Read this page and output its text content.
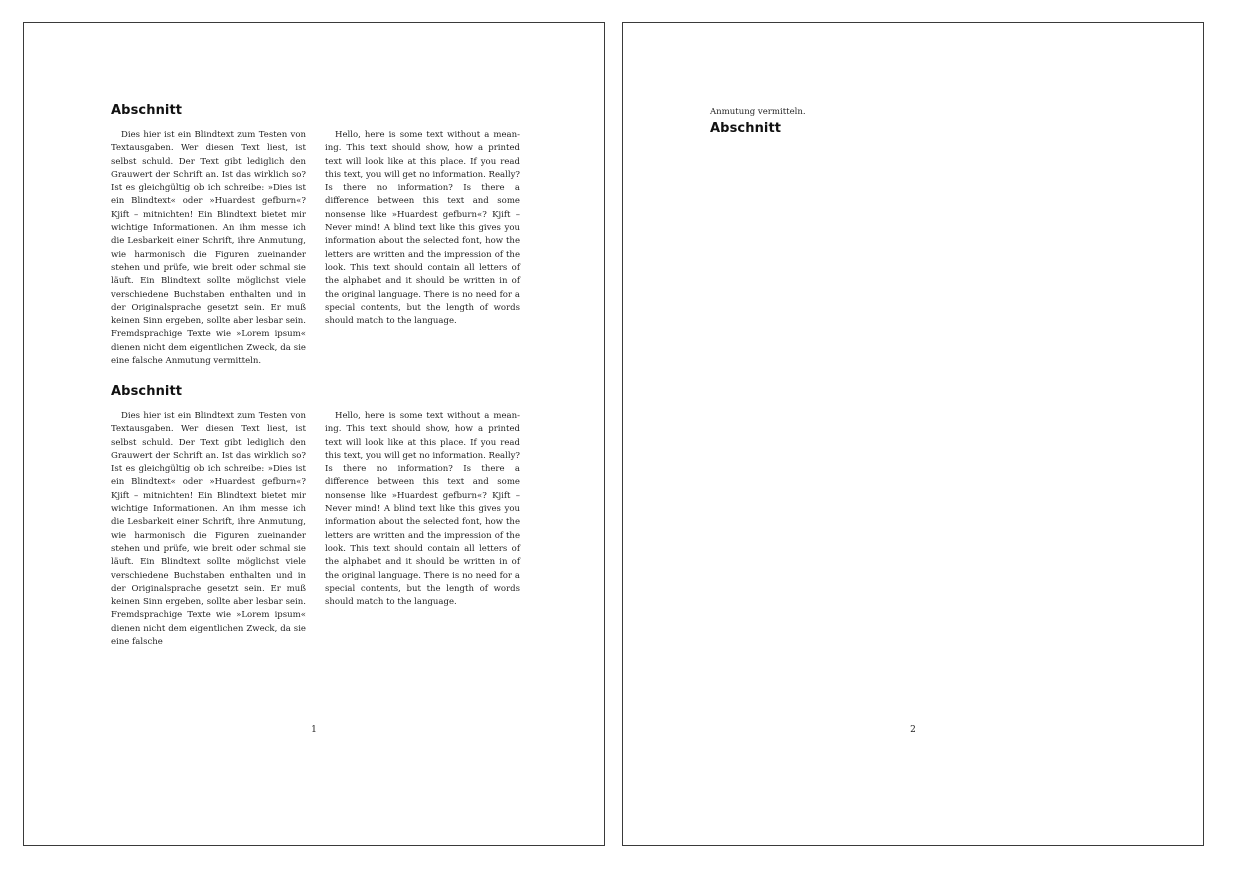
Abschnitt

Dies hier ist ein Blindtext zum Testen von Textausgaben. Wer diesen Text liest, ist selbst schuld. Der Text gibt lediglich den Grauwert der Schrift an. Ist das wirklich so? Ist es gleichgültig ob ich schreibe: »Dies ist ein Blindtext« oder »Huardest gefburn«? Kjift – mitnichten! Ein Blindtext bietet mir wichtige Informationen. An ihm messe ich die Lesbarkeit einer Schrift, ihre Anmutung, wie harmonisch die Figuren zueinander stehen und prüfe, wie breit oder schmal sie läuft. Ein Blindtext sollte möglichst viele verschiedene Buchstaben enthalten und in der Originalsprache gesetzt sein. Er muß keinen Sinn ergeben, sollte aber lesbar sein. Fremdsprachige Texte wie »Lorem ipsum« dienen nicht dem eigentlichen Zweck, da sie eine falsche Anmutung vermitteln.

Hello, here is some text without a meaning. This text should show, how a printed text will look like at this place. If you read this text, you will get no information. Really? Is there no information? Is there a difference between this text and some nonsense like »Huardest gefburn«? Kjift – Never mind! A blind text like this gives you information about the selected font, how the letters are written and the impression of the look. This text should contain all letters of the alphabet and it should be written in of the original language. There is no need for a special contents, but the length of words should match to the language.

Abschnitt

Dies hier ist ein Blindtext zum Testen von Textausgaben. Wer diesen Text liest, ist selbst schuld. Der Text gibt lediglich den Grauwert der Schrift an. Ist das wirklich so? Ist es gleichgültig ob ich schreibe: »Dies ist ein Blindtext« oder »Huardest gefburn«? Kjift – mitnichten! Ein Blindtext bietet mir wichtige Informationen. An ihm messe ich die Lesbarkeit einer Schrift, ihre Anmutung, wie harmonisch die Figuren zueinander stehen und prüfe, wie breit oder schmal sie läuft. Ein Blindtext sollte möglichst viele verschiedene Buchstaben enthalten und in der Originalsprache gesetzt sein. Er muß keinen Sinn ergeben, sollte aber lesbar sein. Fremdsprachige Texte wie »Lorem ipsum« dienen nicht dem eigentlichen Zweck, da sie eine falsche

Hello, here is some text without a meaning. This text should show, how a printed text will look like at this place. If you read this text, you will get no information. Really? Is there no information? Is there a difference between this text and some nonsense like »Huardest gefburn«? Kjift – Never mind! A blind text like this gives you information about the selected font, how the letters are written and the impression of the look. This text should contain all letters of the alphabet and it should be written in of the original language. There is no need for a special contents, but the length of words should match to the language.

1

Anmutung vermitteln.

Abschnitt
2
